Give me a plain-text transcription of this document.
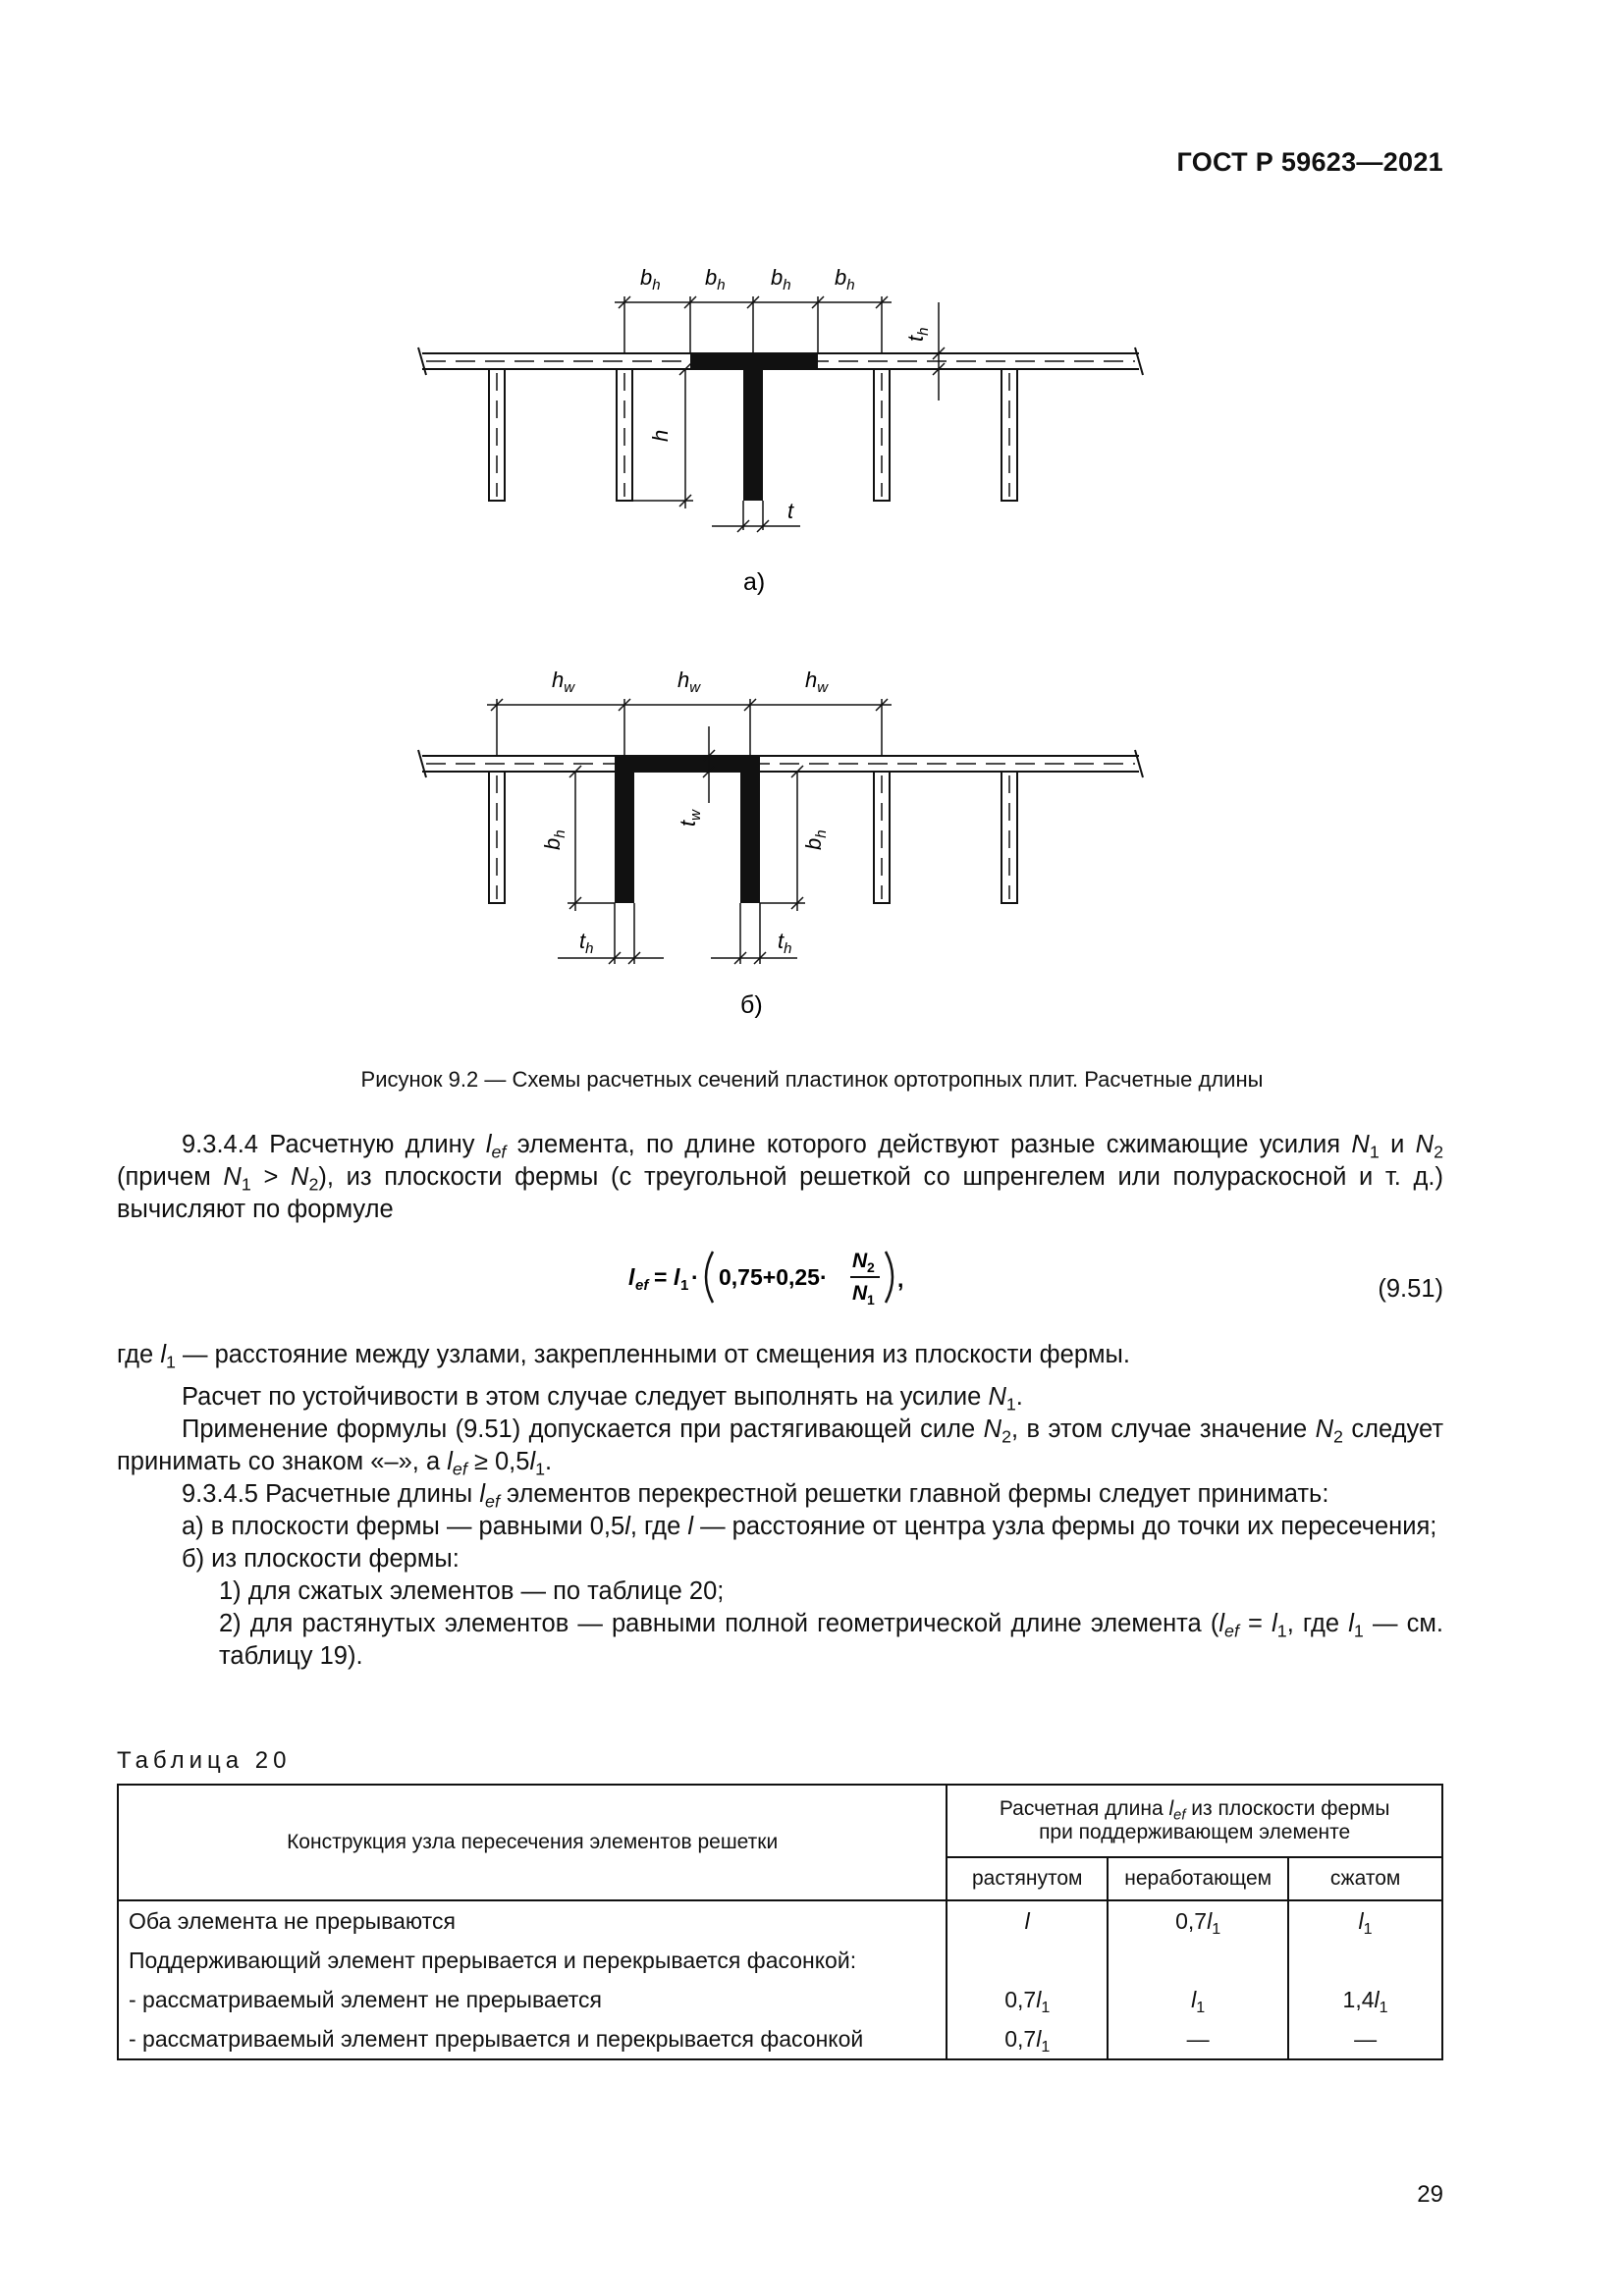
ГОСТ Р 59623—2021
$b_h$ $b_h$ $b_h$ $b_h$
$t_h$
h
t
а)
$h_w$	$h_w$	$h_w$
$t_w$
$b_h$
$b_h$
$t_h$	$t_h$
б)
Рисунок 9.2 — Схемы расчетных сечений пластинок ортотропных плит. Расчетные длины

9.3.4.4 Расчетную длину $l_{ef}$ элемента, по длине которого действуют разные сжимающие усилия $N_1$ и $N_2$ (причем $N_1 > N_2$), из плоскости фермы (с треугольной решеткой со шпренгелем или полураскосной и т. д.) вычисляют по формуле

l ef = l 1 · 0,75+0,25·
N 2
N 1
,	(9.51)

где $l_1$ — расстояние между узлами, закрепленными от смещения из плоскости фермы.

Расчет по устойчивости в этом случае следует выполнять на усилие $N_1$.

Применение формулы (9.51) допускается при растягивающей силе $N_2$, в этом случае значение $N_2$ следует принимать со знаком «–», а $l_{ef} \ge 0,5l_1$.

9.3.4.5 Расчетные длины $l_{ef}$ элементов перекрестной решетки главной фермы следует принимать:

а) в плоскости фермы — равными 0,5l, где l — расстояние от центра узла фермы до точки их пересечения;

б) из плоскости фермы:

1) для сжатых элементов — по таблице 20;

2) для растянутых элементов — равными полной геометрической длине элемента ($l_{ef} = l_1$, где $l_1$ — см. таблицу 19).

Таблица 20
Конструкция узла пересечения элементов решетки	Расчетная длина $l_{ef}$ из плоскости фермы
при поддерживающем элементе		
	растянутом	неработающем	сжатом
Оба элемента не прерываются	l	$0,7l_1$	$l_1$
Поддерживающий элемент прерывается и перекрывается фасонкой:			
- рассматриваемый элемент не прерывается	$0,7l_1$	$l_1$	$1,4l_1$
- рассматриваемый элемент прерывается и перекрывается фасонкой	$0,7l_1$	—	—
29
